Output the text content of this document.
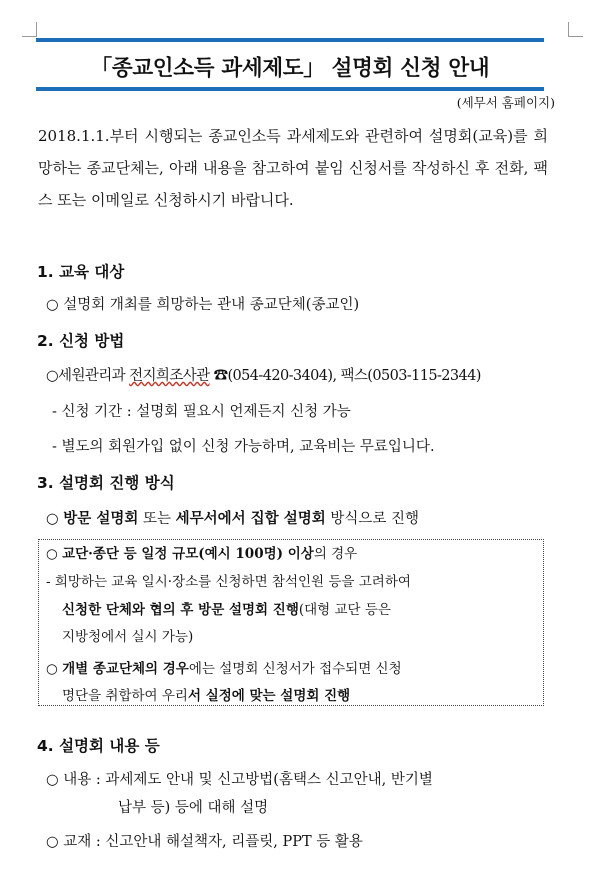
「종교인소득 과세제도」 설명회 신청 안내
(세무서 홈페이지)
2018.1.1.부터 시행되는 종교인소득 과세제도와 관련하여 설명회(교육)를 희망하는 종교단체는, 아래 내용을 참고하여 붙임 신청서를 작성하신 후 전화, 팩스 또는 이메일로 신청하시기 바랍니다.
1. 교육 대상
○ 설명회 개최를 희망하는 관내 종교단체(종교인)
2. 신청 방법
○세원관리과 전지희조사관 ☎(054-420-3404), 팩스(0503-115-2344)
- 신청 기간 : 설명회 필요시 언제든지 신청 가능
- 별도의 회원가입 없이 신청 가능하며, 교육비는 무료입니다.
3. 설명회 진행 방식
○ 방문 설명회 또는 세무서에서 집합 설명회 방식으로 진행
○ 교단·종단 등 일정 규모(예시 100명) 이상의 경우
- 희망하는 교육 일시·장소를 신청하면 참석인원 등을 고려하여
신청한 단체와 협의 후 방문 설명회 진행(대형 교단 등은
지방청에서 실시 가능)
○ 개별 종교단체의 경우에는 설명회 신청서가 접수되면 신청
명단을 취합하여 우리서 실정에 맞는 설명회 진행
4. 설명회 내용 등
○ 내용 : 과세제도 안내 및 신고방법(홈택스 신고안내, 반기별
납부 등) 등에 대해 설명
○ 교재 : 신고안내 해설책자, 리플릿, PPT 등 활용
